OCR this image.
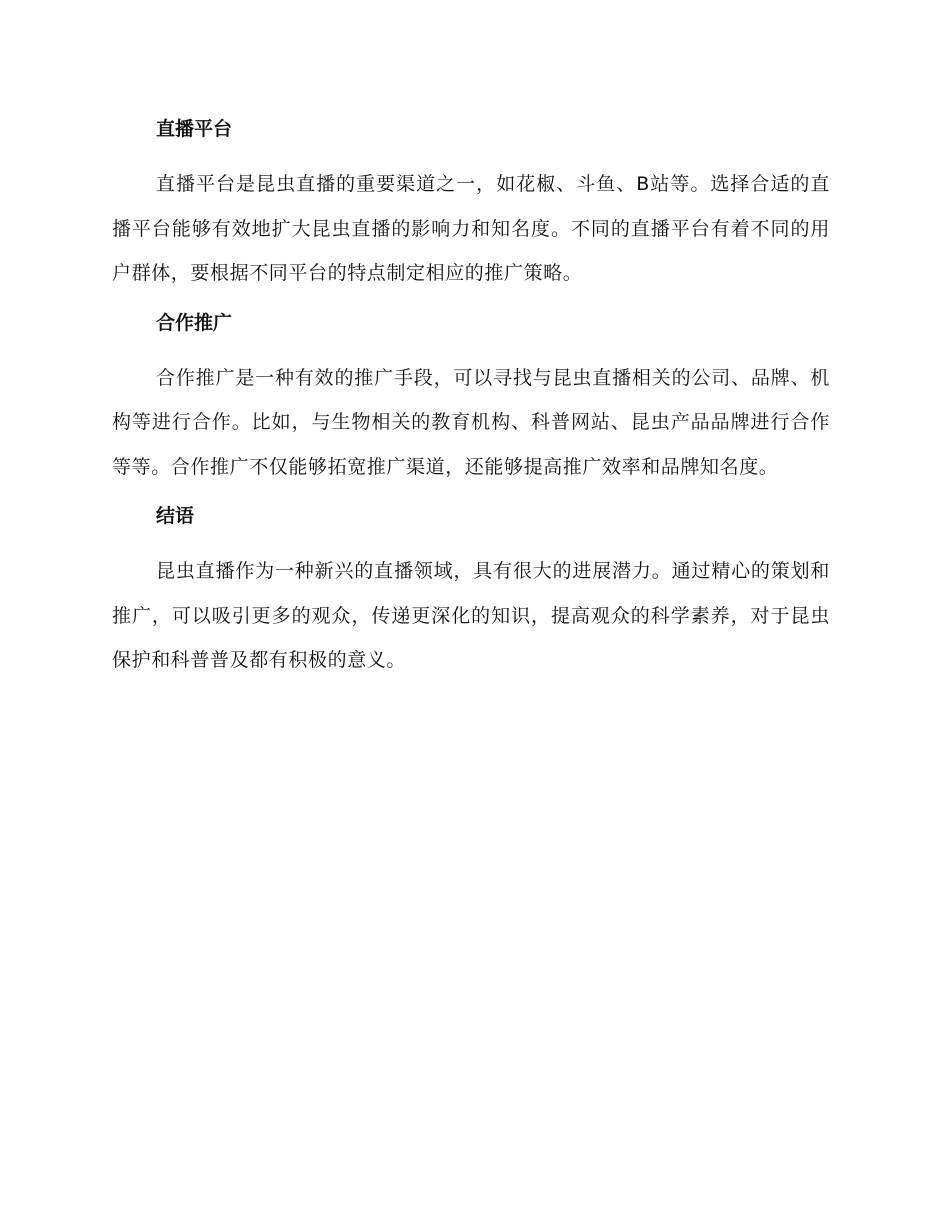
直播平台

直播平台是昆虫直播的重要渠道之一，如花椒、斗鱼、B站等。选择合适的直播平台能够有效地扩大昆虫直播的影响力和知名度。不同的直播平台有着不同的用户群体，要根据不同平台的特点制定相应的推广策略。

合作推广

合作推广是一种有效的推广手段，可以寻找与昆虫直播相关的公司、品牌、机构等进行合作。比如，与生物相关的教育机构、科普网站、昆虫产品品牌进行合作等等。合作推广不仅能够拓宽推广渠道，还能够提高推广效率和品牌知名度。

结语

昆虫直播作为一种新兴的直播领域，具有很大的进展潜力。通过精心的策划和推广，可以吸引更多的观众，传递更深化的知识，提高观众的科学素养，对于昆虫保护和科普普及都有积极的意义。
